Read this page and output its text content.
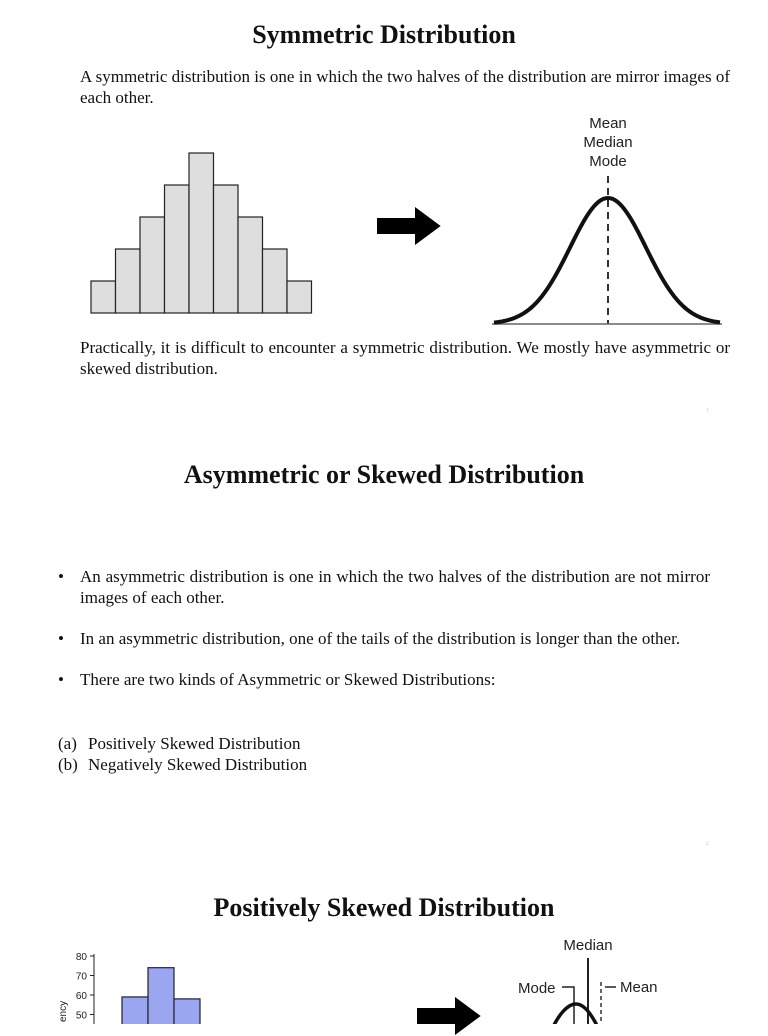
Symmetric Distribution

A symmetric distribution is one in which the two halves of the distribution are mirror images of each other.

Mean
Median
Mode

Practically, it is difficult to encounter a symmetric distribution. We mostly have asymmetric or skewed distribution.

1
Asymmetric or Skewed Distribution
• An asymmetric distribution is one in which the two halves of the distribution are not mirror images of each other.
• In an asymmetric distribution, one of the tails of the distribution is longer than the other.
• There are two kinds of Asymmetric or Skewed Distributions:
(a) Positively Skewed Distribution
(b) Negatively Skewed Distribution
2
Positively Skewed Distribution
80
70
60
50
ency
Median
Mode	Mean
